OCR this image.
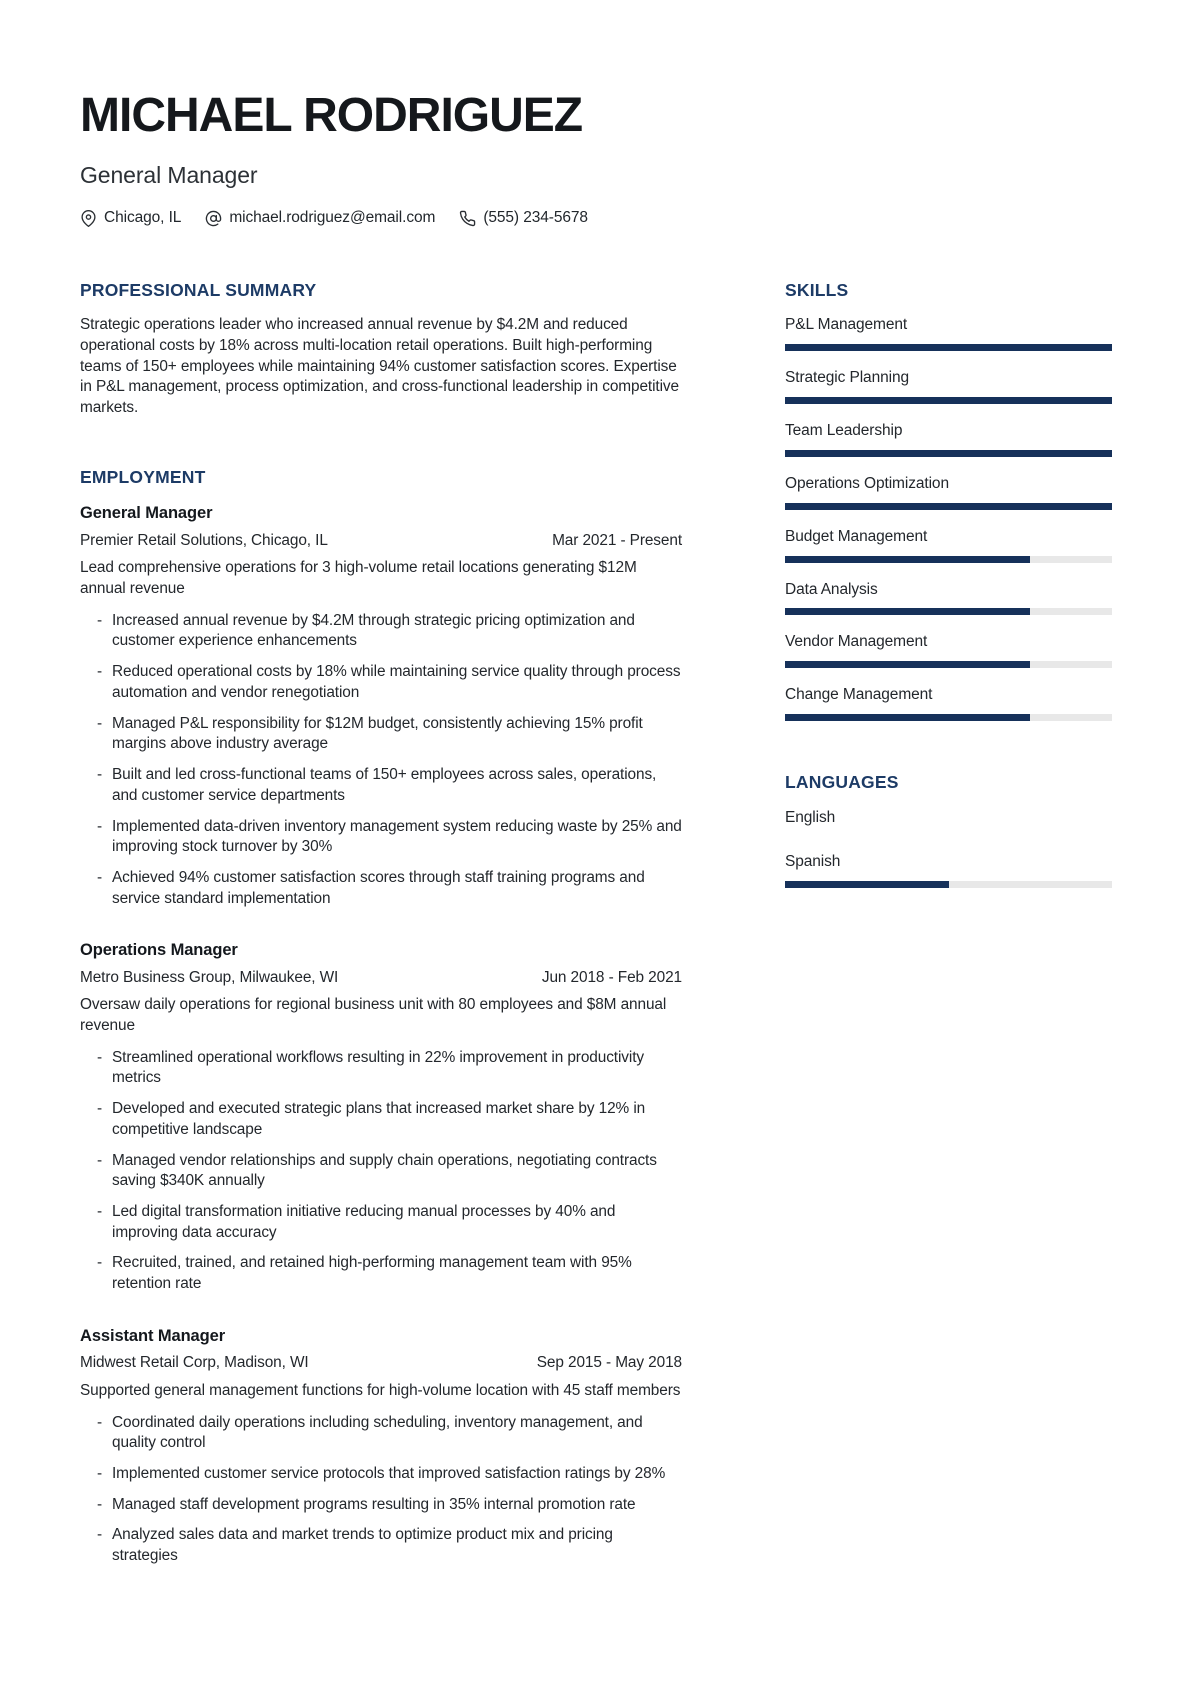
MICHAEL RODRIGUEZ
General Manager
Chicago, IL	michael.rodriguez@email.com	(555) 234-5678
PROFESSIONAL SUMMARY

Strategic operations leader who increased annual revenue by $4.2M and reduced operational costs by 18% across multi-location retail operations. Built high-performing teams of 150+ employees while maintaining 94% customer satisfaction scores. Expertise in P&L management, process optimization, and cross-functional leadership in competitive markets.

EMPLOYMENT
General Manager
Premier Retail Solutions, Chicago, IL	Mar 2021 - Present

Lead comprehensive operations for 3 high-volume retail locations generating $12M annual revenue

- Increased annual revenue by $4.2M through strategic pricing optimization and customer experience enhancements
- Reduced operational costs by 18% while maintaining service quality through process automation and vendor renegotiation
- Managed P&L responsibility for $12M budget, consistently achieving 15% profit margins above industry average
- Built and led cross-functional teams of 150+ employees across sales, operations, and customer service departments
- Implemented data-driven inventory management system reducing waste by 25% and improving stock turnover by 30%
- Achieved 94% customer satisfaction scores through staff training programs and service standard implementation
Operations Manager
Metro Business Group, Milwaukee, WI	Jun 2018 - Feb 2021

Oversaw daily operations for regional business unit with 80 employees and $8M annual revenue

- Streamlined operational workflows resulting in 22% improvement in productivity metrics
- Developed and executed strategic plans that increased market share by 12% in competitive landscape
- Managed vendor relationships and supply chain operations, negotiating contracts saving $340K annually
- Led digital transformation initiative reducing manual processes by 40% and improving data accuracy
- Recruited, trained, and retained high-performing management team with 95% retention rate
Assistant Manager
Midwest Retail Corp, Madison, WI	Sep 2015 - May 2018

Supported general management functions for high-volume location with 45 staff members

- Coordinated daily operations including scheduling, inventory management, and quality control
- Implemented customer service protocols that improved satisfaction ratings by 28%
- Managed staff development programs resulting in 35% internal promotion rate
- Analyzed sales data and market trends to optimize product mix and pricing strategies
SKILLS
P&L Management
Strategic Planning
Team Leadership
Operations Optimization
Budget Management
Data Analysis
Vendor Management
Change Management
LANGUAGES
English
Spanish
